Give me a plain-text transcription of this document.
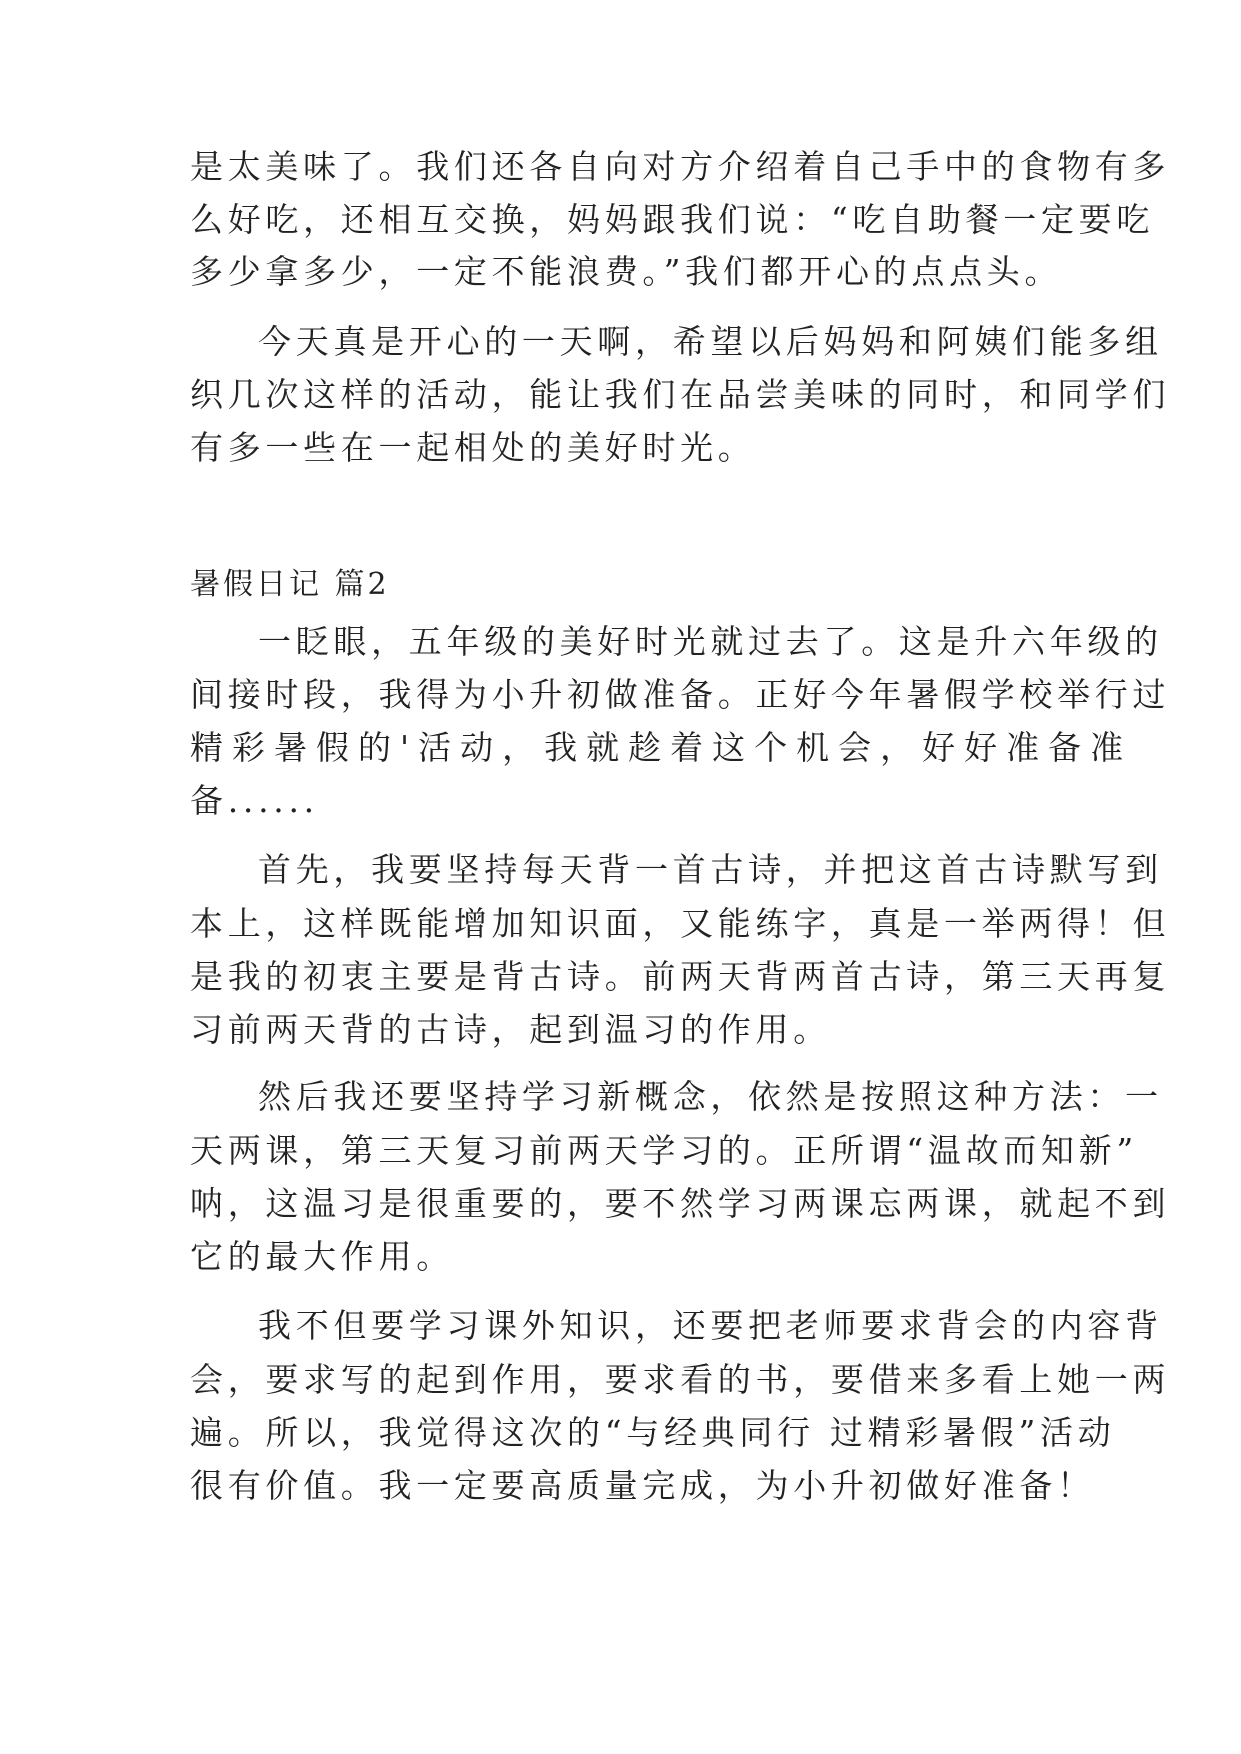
是太美味了。我们还各自向对方介绍着自己手中的食物有多
么好吃，还相互交换，妈妈跟我们说：“吃自助餐一定要吃
多少拿多少，一定不能浪费。”我们都开心的点点头。
今天真是开心的一天啊，希望以后妈妈和阿姨们能多组
织几次这样的活动，能让我们在品尝美味的同时，和同学们
有多一些在一起相处的美好时光。
暑假日记 篇2
一眨眼，五年级的美好时光就过去了。这是升六年级的
间接时段，我得为小升初做准备。正好今年暑假学校举行过
精彩暑假的'活动，我就趁着这个机会，好好准备准
备......
首先，我要坚持每天背一首古诗，并把这首古诗默写到
本上，这样既能增加知识面，又能练字，真是一举两得！但
是我的初衷主要是背古诗。前两天背两首古诗，第三天再复
习前两天背的古诗，起到温习的作用。
然后我还要坚持学习新概念，依然是按照这种方法：一
天两课，第三天复习前两天学习的。正所谓“温故而知新”
呐，这温习是很重要的，要不然学习两课忘两课，就起不到
它的最大作用。
我不但要学习课外知识，还要把老师要求背会的内容背
会，要求写的起到作用，要求看的书，要借来多看上她一两
遍。所以，我觉得这次的“与经典同行 过精彩暑假”活动
很有价值。我一定要高质量完成，为小升初做好准备！
